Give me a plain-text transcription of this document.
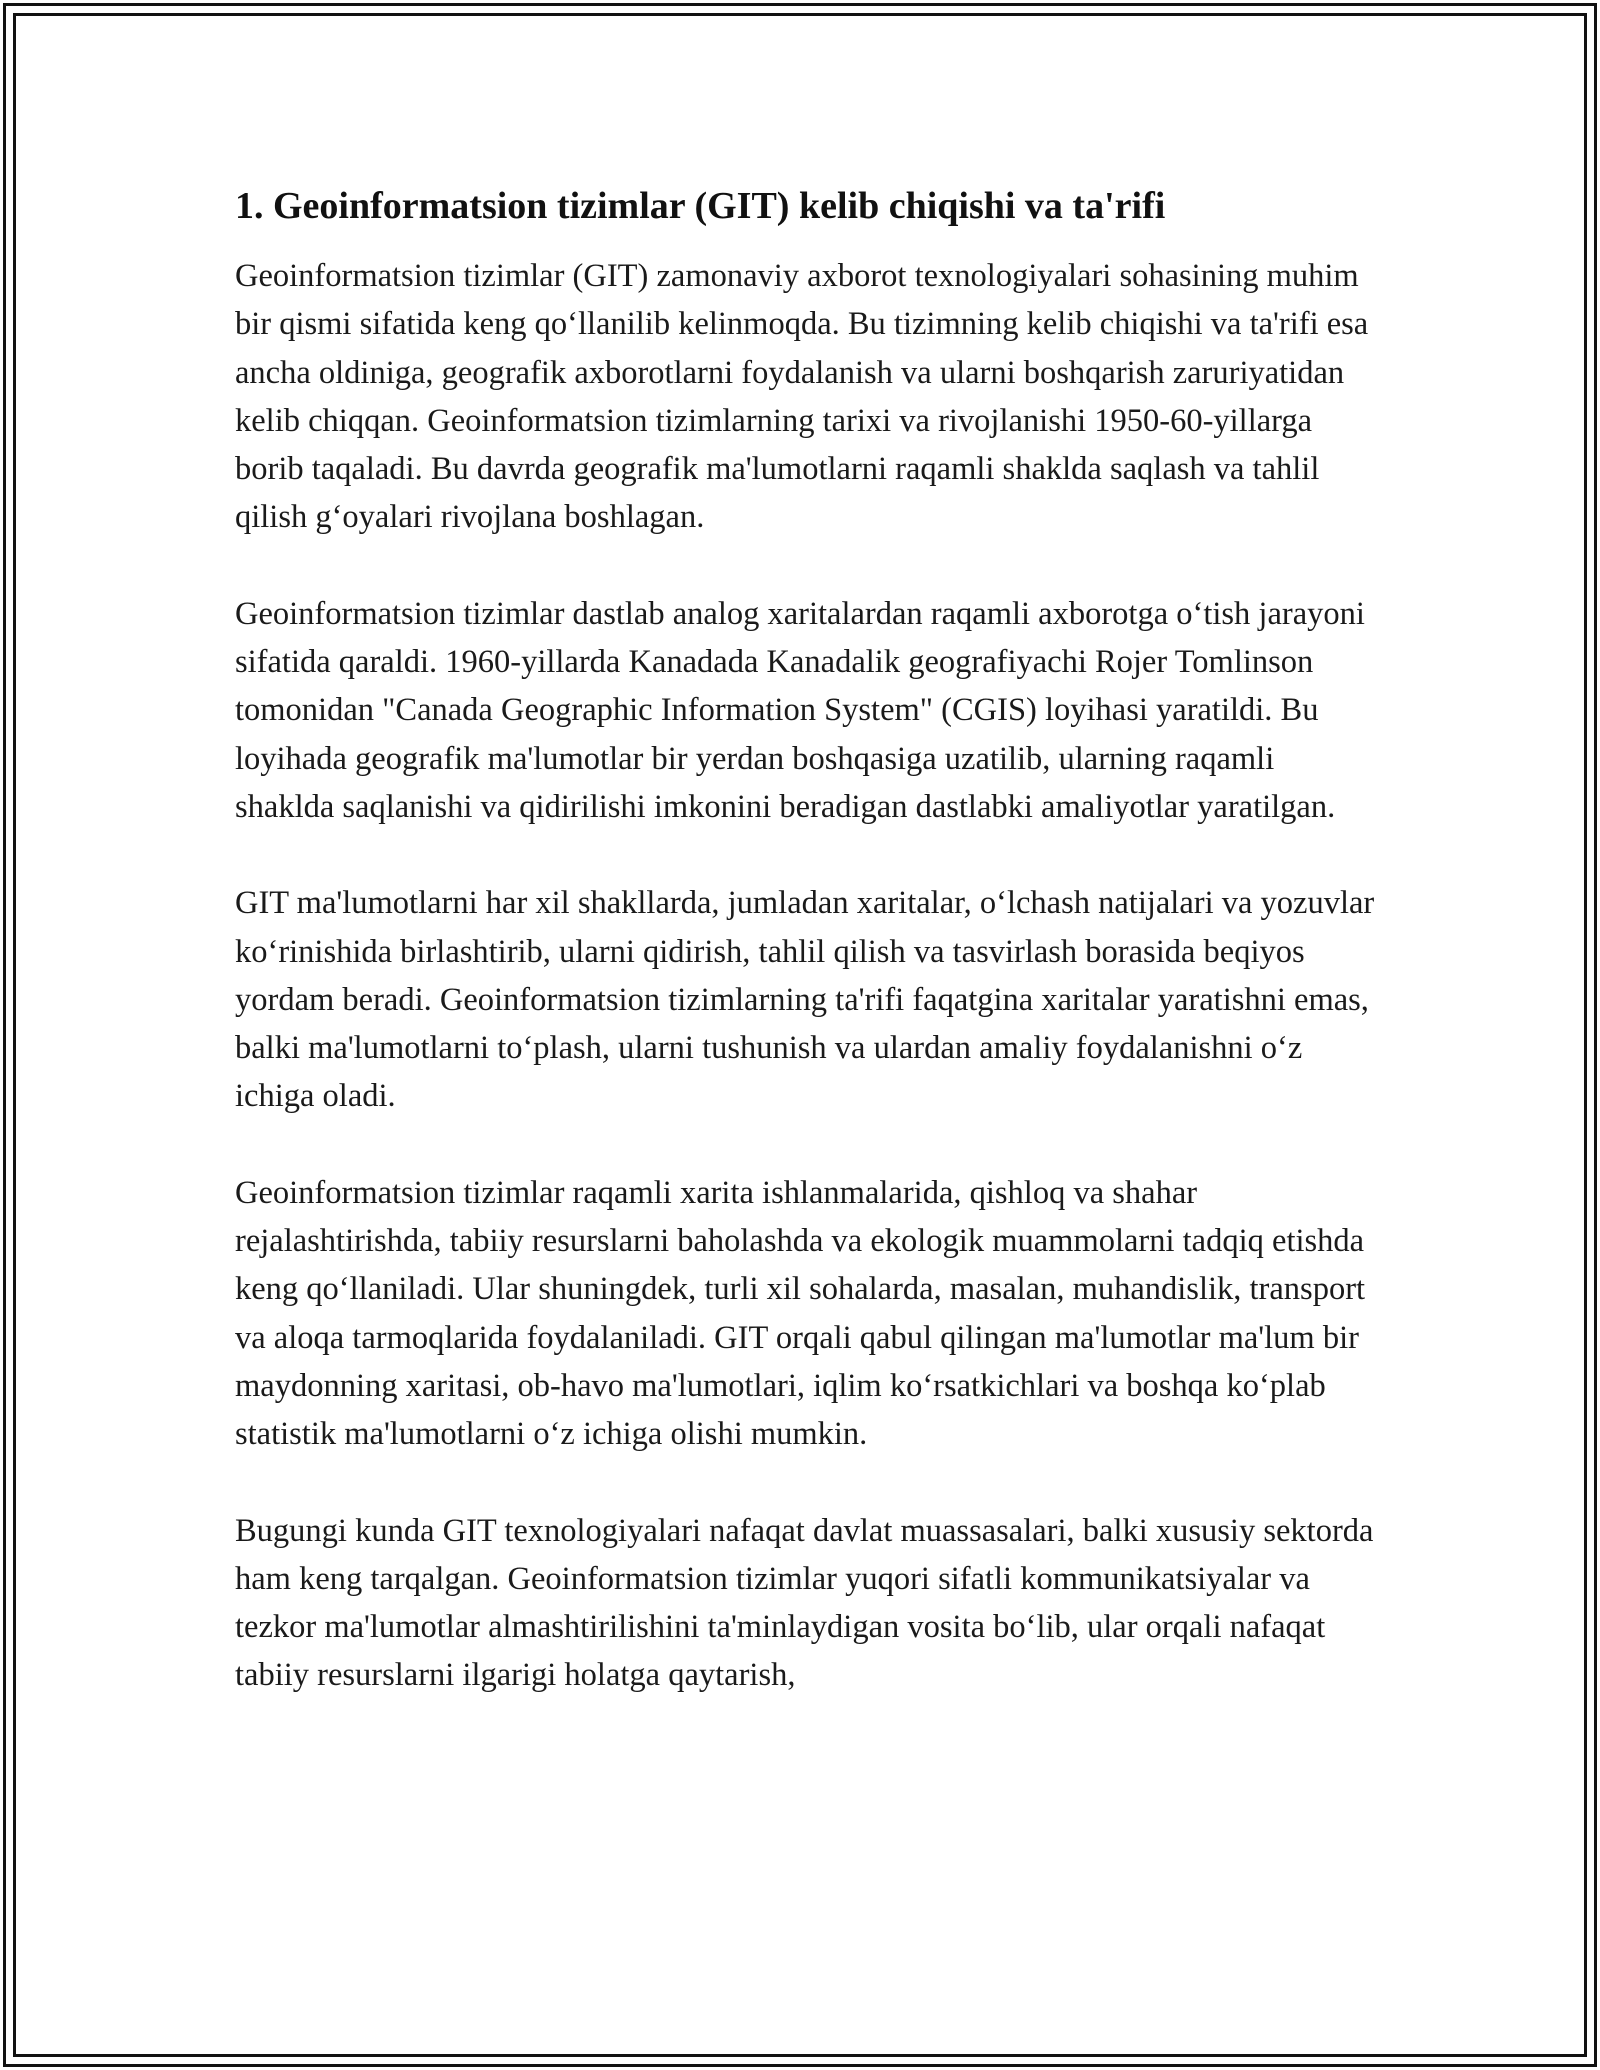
1. Geoinformatsion tizimlar (GIT) kelib chiqishi va ta'rifi

Geoinformatsion tizimlar (GIT) zamonaviy axborot texnologiyalari sohasining muhim bir qismi sifatida keng qoʻllanilib kelinmoqda. Bu tizimning kelib chiqishi va ta'rifi esa ancha oldiniga, geografik axborotlarni foydalanish va ularni boshqarish zaruriyatidan kelib chiqqan. Geoinformatsion tizimlarning tarixi va rivojlanishi 1950-60-yillarga borib taqaladi. Bu davrda geografik ma'lumotlarni raqamli shaklda saqlash va tahlil qilish gʻoyalari rivojlana boshlagan.

Geoinformatsion tizimlar dastlab analog xaritalardan raqamli axborotga oʻtish jarayoni sifatida qaraldi. 1960-yillarda Kanadada Kanadalik geografiyachi Rojer Tomlinson tomonidan "Canada Geographic Information System" (CGIS) loyihasi yaratildi. Bu loyihada geografik ma'lumotlar bir yerdan boshqasiga uzatilib, ularning raqamli shaklda saqlanishi va qidirilishi imkonini beradigan dastlabki amaliyotlar yaratilgan.

GIT ma'lumotlarni har xil shakllarda, jumladan xaritalar, oʻlchash natijalari va yozuvlar koʻrinishida birlashtirib, ularni qidirish, tahlil qilish va tasvirlash borasida beqiyos yordam beradi. Geoinformatsion tizimlarning ta'rifi faqatgina xaritalar yaratishni emas, balki ma'lumotlarni toʻplash, ularni tushunish va ulardan amaliy foydalanishni oʻz ichiga oladi.

Geoinformatsion tizimlar raqamli xarita ishlanmalarida, qishloq va shahar rejalashtirishda, tabiiy resurslarni baholashda va ekologik muammolarni tadqiq etishda keng qoʻllaniladi. Ular shuningdek, turli xil sohalarda, masalan, muhandislik, transport va aloqa tarmoqlarida foydalaniladi. GIT orqali qabul qilingan ma'lumotlar ma'lum bir maydonning xaritasi, ob-havo ma'lumotlari, iqlim koʻrsatkichlari va boshqa koʻplab statistik ma'lumotlarni oʻz ichiga olishi mumkin.

Bugungi kunda GIT texnologiyalari nafaqat davlat muassasalari, balki xususiy sektorda ham keng tarqalgan. Geoinformatsion tizimlar yuqori sifatli kommunikatsiyalar va tezkor ma'lumotlar almashtirilishini ta'minlaydigan vosita boʻlib, ular orqali nafaqat tabiiy resurslarni ilgarigi holatga qaytarish,
